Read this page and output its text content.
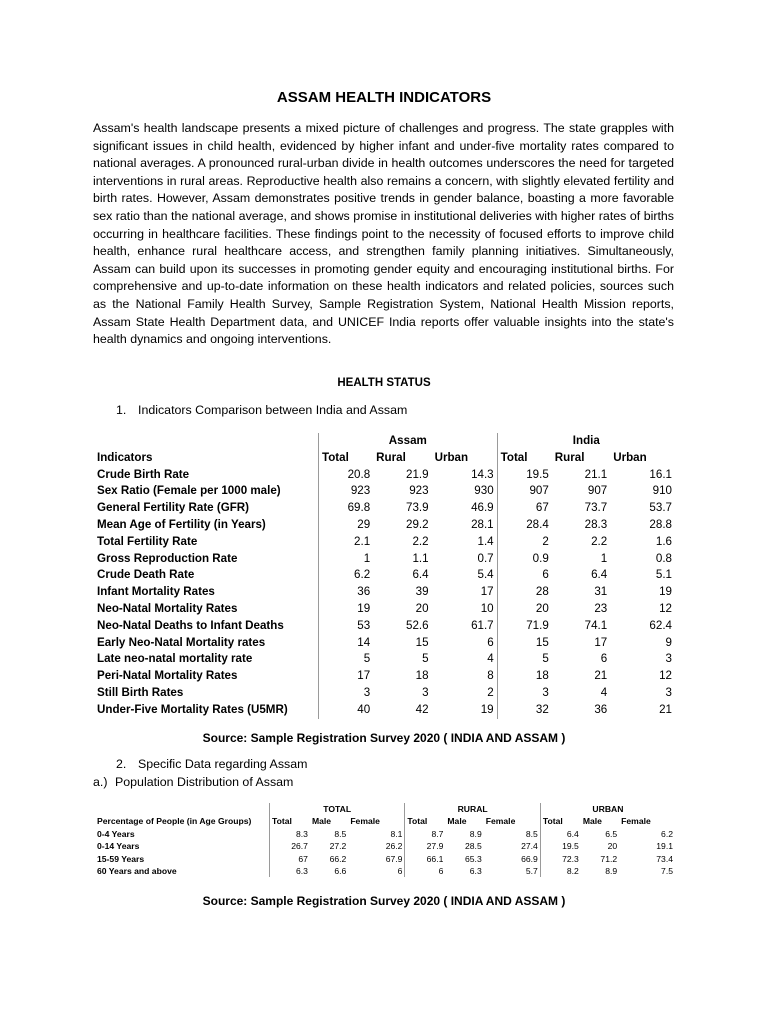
ASSAM HEALTH INDICATORS

Assam's health landscape presents a mixed picture of challenges and progress. The state grapples with significant issues in child health, evidenced by higher infant and under-five mortality rates compared to national averages. A pronounced rural-urban divide in health outcomes underscores the need for targeted interventions in rural areas. Reproductive health also remains a concern, with slightly elevated fertility and birth rates. However, Assam demonstrates positive trends in gender balance, boasting a more favorable sex ratio than the national average, and shows promise in institutional deliveries with higher rates of births occurring in healthcare facilities. These findings point to the necessity of focused efforts to improve child health, enhance rural healthcare access, and strengthen family planning initiatives. Simultaneously, Assam can build upon its successes in promoting gender equity and encouraging institutional births. For comprehensive and up-to-date information on these health indicators and related policies, sources such as the National Family Health Survey, Sample Registration System, National Health Mission reports, Assam State Health Department data, and UNICEF India reports offer valuable insights into the state's health dynamics and ongoing interventions.

HEALTH STATUS
1. Indicators Comparison between India and Assam
	Assam			India		
Indicators	Total	Rural	Urban	Total	Rural	Urban
Crude Birth Rate	20.8	21.9	14.3	19.5	21.1	16.1
Sex Ratio (Female per 1000 male)	923	923	930	907	907	910
General Fertility Rate (GFR)	69.8	73.9	46.9	67	73.7	53.7
Mean Age of Fertility (in Years)	29	29.2	28.1	28.4	28.3	28.8
Total Fertility Rate	2.1	2.2	1.4	2	2.2	1.6
Gross Reproduction Rate	1	1.1	0.7	0.9	1	0.8
Crude Death Rate	6.2	6.4	5.4	6	6.4	5.1
Infant Mortality Rates	36	39	17	28	31	19
Neo-Natal Mortality Rates	19	20	10	20	23	12
Neo-Natal Deaths to Infant Deaths	53	52.6	61.7	71.9	74.1	62.4
Early Neo-Natal Mortality rates	14	15	6	15	17	9
Late neo-natal mortality rate	5	5	4	5	6	3
Peri-Natal Mortality Rates	17	18	8	18	21	12
Still Birth Rates	3	3	2	3	4	3
Under-Five Mortality Rates (U5MR)	40	42	19	32	36	21
Source: Sample Registration Survey 2020 ( INDIA AND ASSAM )
2. Specific Data regarding Assam
a.) Population Distribution of Assam
	TOTAL			RURAL			URBAN		
Percentage of People (in Age Groups)	Total	Male	Female	Total	Male	Female	Total	Male	Female
0-4 Years	8.3	8.5	8.1	8.7	8.9	8.5	6.4	6.5	6.2
0-14 Years	26.7	27.2	26.2	27.9	28.5	27.4	19.5	20	19.1
15-59 Years	67	66.2	67.9	66.1	65.3	66.9	72.3	71.2	73.4
60 Years and above	6.3	6.6	6	6	6.3	5.7	8.2	8.9	7.5
Source: Sample Registration Survey 2020 ( INDIA AND ASSAM )
